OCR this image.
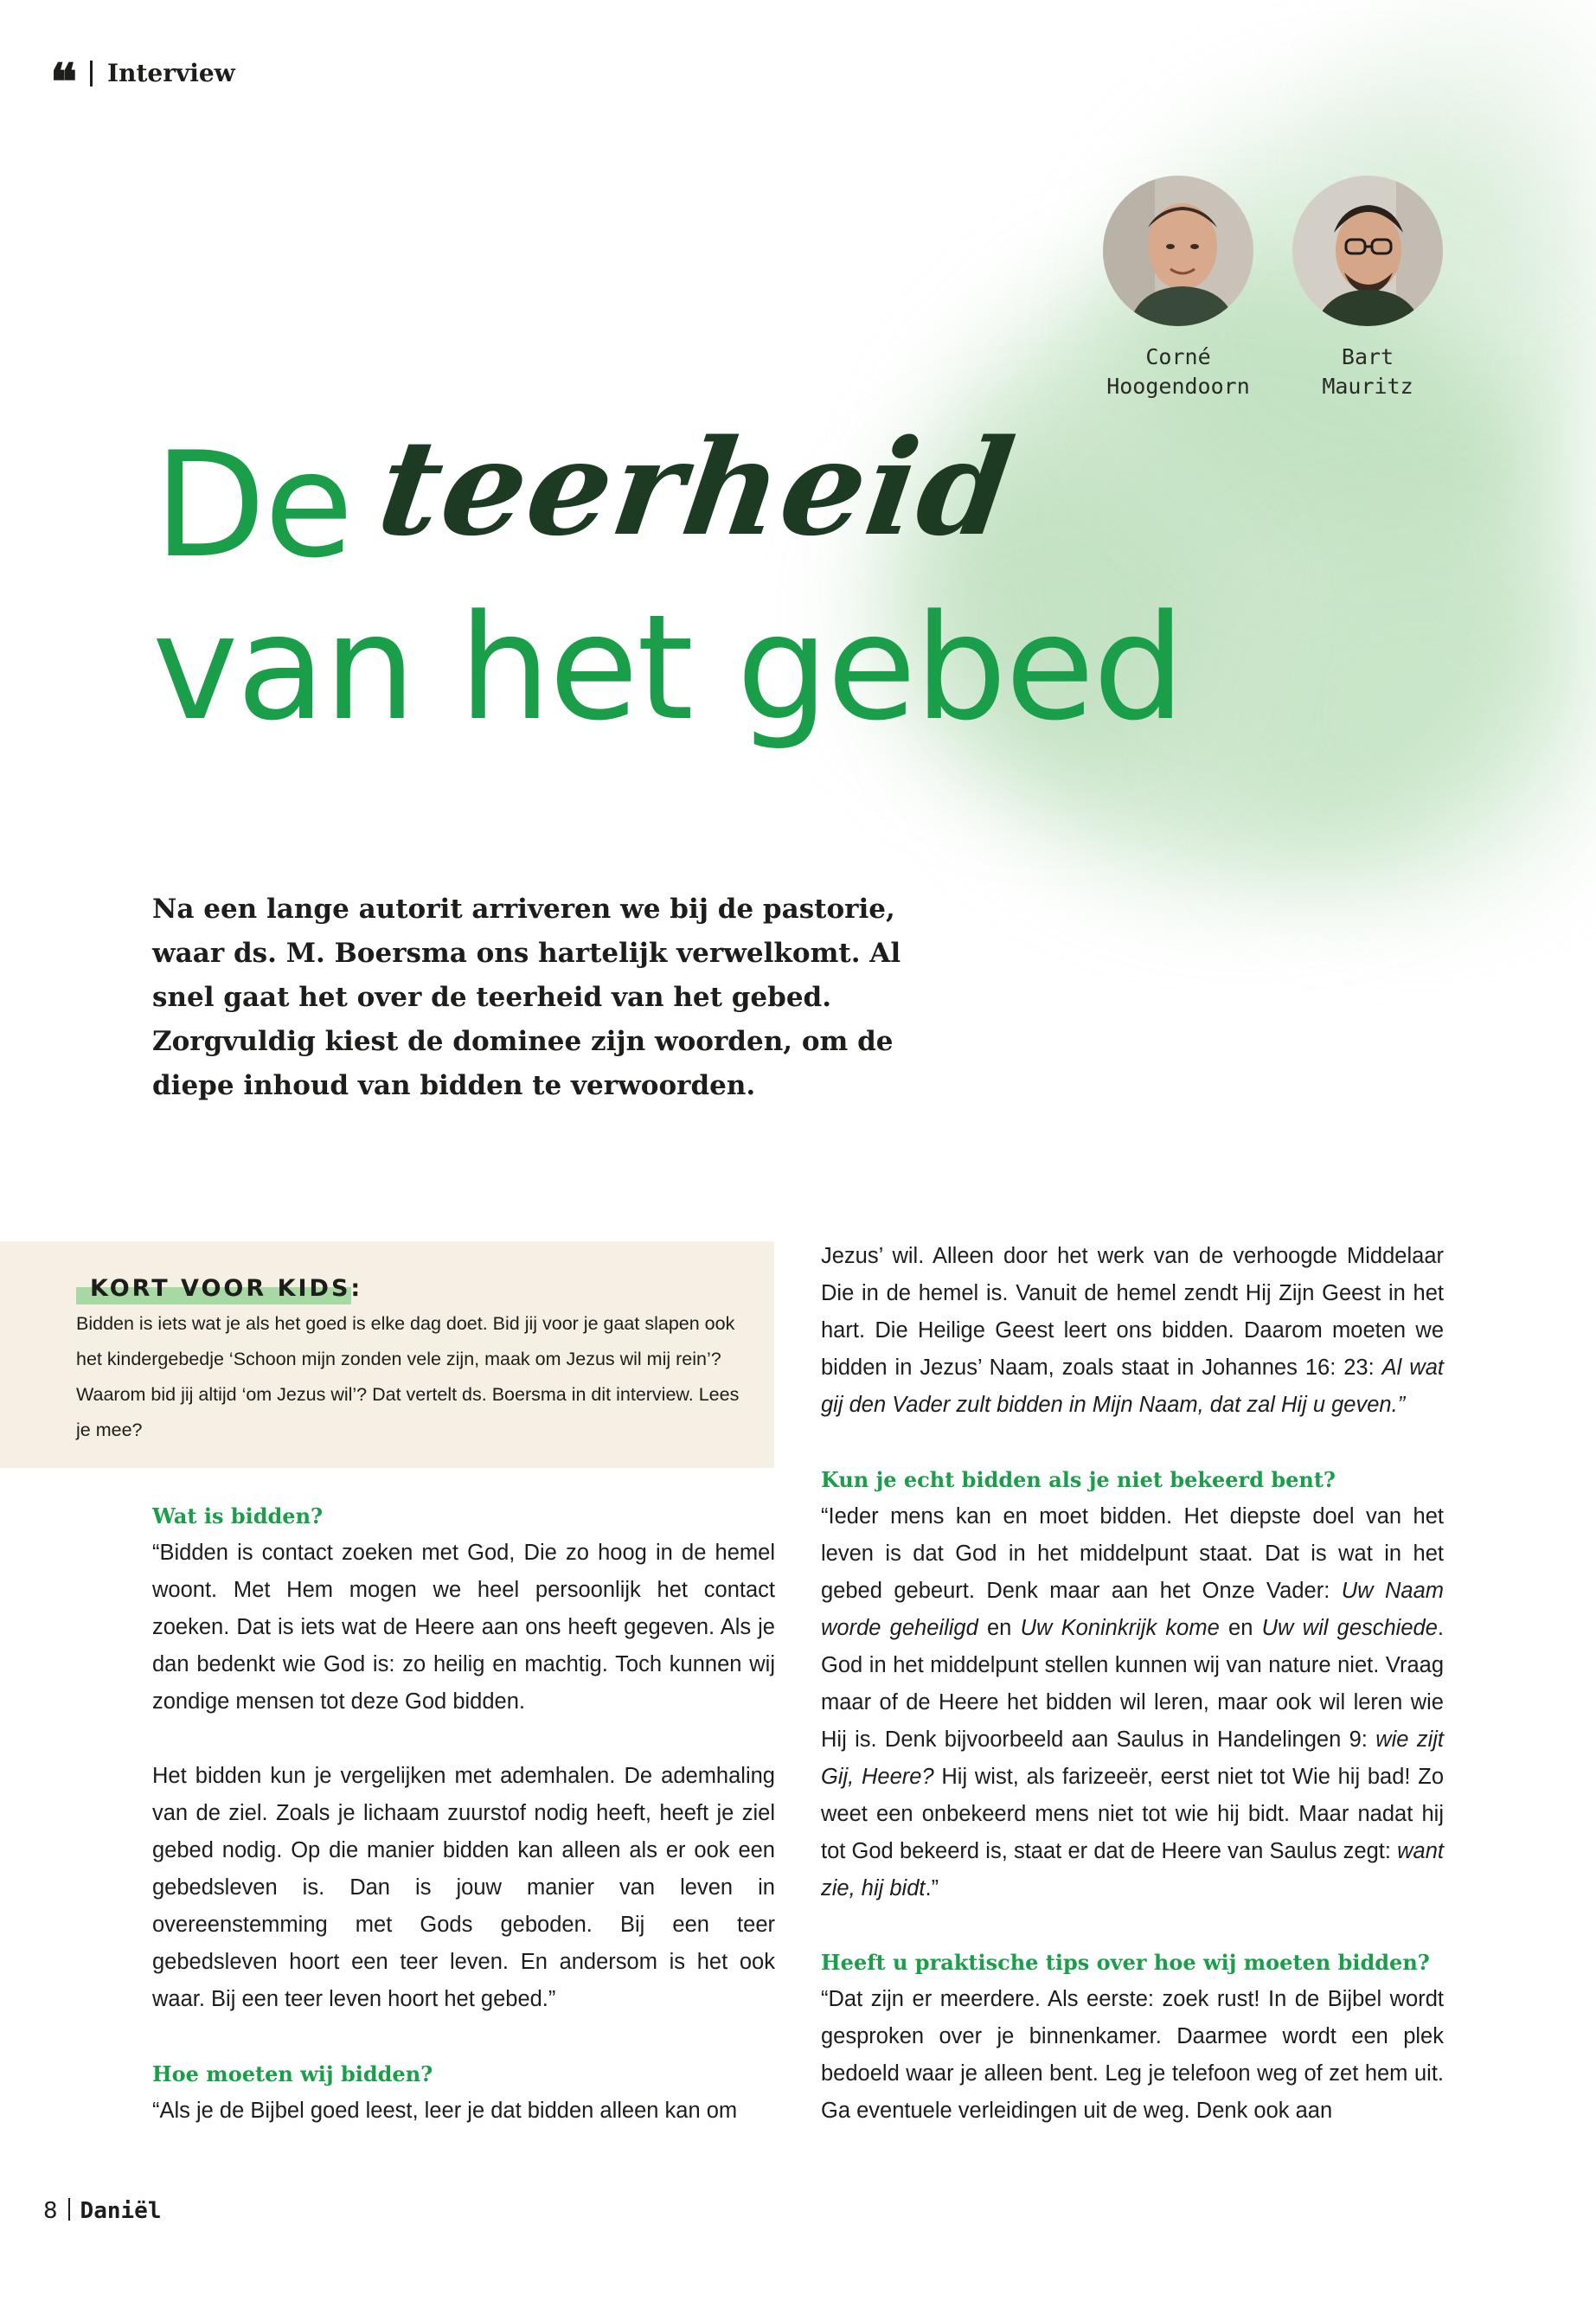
❝ Interview
Corné
Hoogendoorn
Bart
Mauritz
De teerheid
van het gebed
Na een lange autorit arriveren we bij de pastorie, waar ds. M. Boersma ons hartelijk verwelkomt. Al snel gaat het over de teerheid van het gebed. Zorgvuldig kiest de dominee zijn woorden, om de diepe inhoud van bidden te verwoorden.
KORT VOOR KIDS:
Bidden is iets wat je als het goed is elke dag doet. Bid jij voor je gaat slapen ook het kindergebedje ‘Schoon mijn zonden vele zijn, maak om Jezus wil mij rein’? Waarom bid jij altijd ‘om Jezus wil’? Dat vertelt ds. Boersma in dit interview. Lees je mee?
Wat is bidden?
“Bidden is contact zoeken met God, Die zo hoog in de hemel woont. Met Hem mogen we heel persoonlijk het contact zoeken. Dat is iets wat de Heere aan ons heeft gegeven. Als je dan bedenkt wie God is: zo heilig en machtig. Toch kunnen wij zondige mensen tot deze God bidden.
Het bidden kun je vergelijken met ademhalen. De ademhaling van de ziel. Zoals je lichaam zuurstof nodig heeft, heeft je ziel gebed nodig. Op die manier bidden kan alleen als er ook een gebedsleven is. Dan is jouw manier van leven in overeenstemming met Gods geboden. Bij een teer gebedsleven hoort een teer leven. En andersom is het ook waar. Bij een teer leven hoort het gebed.”
Hoe moeten wij bidden?
“Als je de Bijbel goed leest, leer je dat bidden alleen kan om
Jezus’ wil. Alleen door het werk van de verhoogde Middelaar Die in de hemel is. Vanuit de hemel zendt Hij Zijn Geest in het hart. Die Heilige Geest leert ons bidden. Daarom moeten we bidden in Jezus’ Naam, zoals staat in Johannes 16: 23: Al wat gij den Vader zult bidden in Mijn Naam, dat zal Hij u geven.”
Kun je echt bidden als je niet bekeerd bent?
“Ieder mens kan en moet bidden. Het diepste doel van het leven is dat God in het middelpunt staat. Dat is wat in het gebed gebeurt. Denk maar aan het Onze Vader: Uw Naam worde geheiligd en Uw Koninkrijk kome en Uw wil geschiede. God in het middelpunt stellen kunnen wij van nature niet. Vraag maar of de Heere het bidden wil leren, maar ook wil leren wie Hij is. Denk bijvoorbeeld aan Saulus in Handelingen 9: wie zijt Gij, Heere? Hij wist, als farizeeër, eerst niet tot Wie hij bad! Zo weet een onbekeerd mens niet tot wie hij bidt. Maar nadat hij tot God bekeerd is, staat er dat de Heere van Saulus zegt: want zie, hij bidt.”
Heeft u praktische tips over hoe wij moeten bidden?
“Dat zijn er meerdere. Als eerste: zoek rust! In de Bijbel wordt gesproken over je binnenkamer. Daarmee wordt een plek bedoeld waar je alleen bent. Leg je telefoon weg of zet hem uit. Ga eventuele verleidingen uit de weg. Denk ook aan
8 Daniël
